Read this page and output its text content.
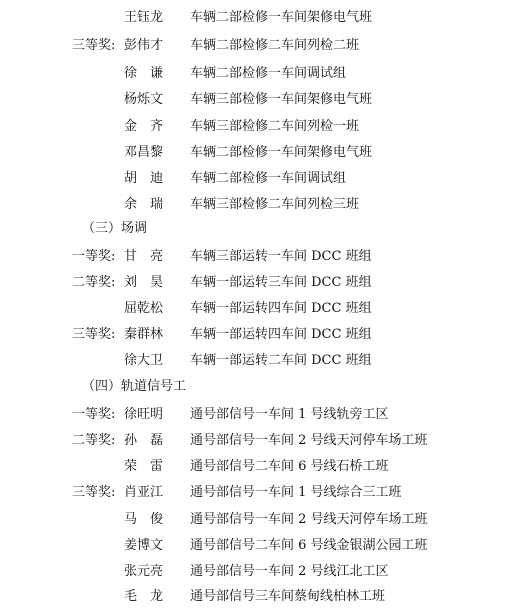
王钰龙	车辆二部检修一车间架修电气班
三等奖: 彭伟才	车辆二部检修二车间列检二班
徐　谦	车辆二部检修一车间调试组
杨烁文	车辆三部检修一车间架修电气班
金　齐	车辆三部检修二车间列检一班
邓昌黎	车辆二部检修一车间架修电气班
胡　迪	车辆二部检修一车间调试组
余　瑞	车辆三部检修二车间列检三班
（三）场调
一等奖: 甘　亮	车辆三部运转一车间 DCC 班组
二等奖: 刘　昊	车辆一部运转三车间 DCC 班组
屈乾松	车辆一部运转四车间 DCC 班组
三等奖: 秦群林	车辆一部运转四车间 DCC 班组
徐大卫	车辆一部运转二车间 DCC 班组
（四）轨道信号工
一等奖: 徐旺明	通号部信号一车间 1 号线轨旁工区
二等奖: 孙　磊	通号部信号一车间 2 号线天河停车场工班
荣　雷	通号部信号二车间 6 号线石桥工班
三等奖: 肖亚江	通号部信号一车间 1 号线综合三工班
马　俊	通号部信号一车间 2 号线天河停车场工班
姜博文	通号部信号二车间 6 号线金银湖公园工班
张元亮	通号部信号一车间 2 号线江北工区
毛　龙	通号部信号三车间蔡甸线柏林工班
